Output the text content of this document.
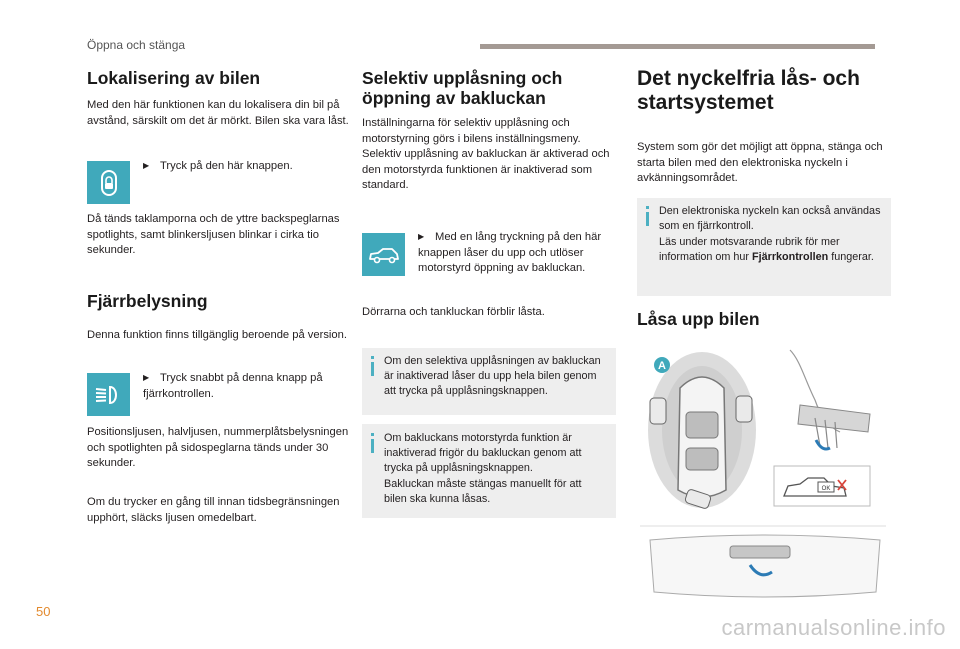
Öppna och stänga
Lokalisering av bilen

Med den här funktionen kan du lokalisera din bil på avstånd, särskilt om det är mörkt. Bilen ska vara låst.

▶ Tryck på den här knappen.

Då tänds taklamporna och de yttre backspeglarnas spotlights, samt blinkersljusen blinkar i cirka tio sekunder.

Fjärrbelysning

Denna funktion finns tillgänglig beroende på version.

▶ Tryck snabbt på denna knapp på fjärrkontrollen.

Positionsljusen, halvljusen, nummerplåtsbelysningen och spotlighten på sidospeglarna tänds under 30 sekunder.

Om du trycker en gång till innan tidsbegränsningen upphört, släcks ljusen omedelbart.

Selektiv upplåsning och öppning av bakluckan

Inställningarna för selektiv upplåsning och motorstyrning görs i bilens inställningsmeny. Selektiv upplåsning av bakluckan är aktiverad och den motorstyrda funktionen är inaktiverad som standard.

▶ Med en lång tryckning på den här knappen låser du upp och utlöser motorstyrd öppning av bakluckan.

Dörrarna och tankluckan förblir låsta.

Om den selektiva upplåsningen av bakluckan är inaktiverad låser du upp hela bilen genom att trycka på upplåsningsknappen.

Om bakluckans motorstyrda funktion är inaktiverad frigör du bakluckan genom att trycka på upplåsningsknappen.

Bakluckan måste stängas manuellt för att bilen ska kunna låsas.

Det nyckelfria lås- och startsystemet

System som gör det möjligt att öppna, stänga och starta bilen med den elektroniska nyckeln i avkänningsområdet.

Den elektroniska nyckeln kan också användas som en fjärrkontroll.

Läs under motsvarande rubrik för mer information om hur Fjärrkontrollen fungerar.

Låsa upp bilen
A
OK
50
carmanualsonline.info
